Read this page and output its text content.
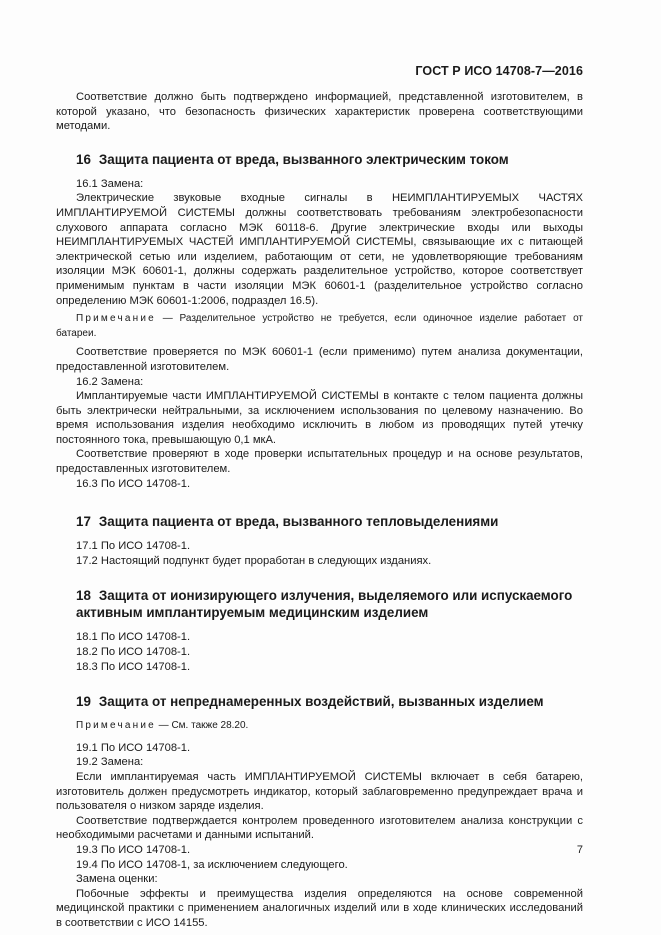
ГОСТ Р ИСО 14708-7—2016

Соответствие должно быть подтверждено информацией, представленной изготовителем, в которой указано, что безопасность физических характеристик проверена соответствующими методами.

16 Защита пациента от вреда, вызванного электрическим током

16.1 Замена:

Электрические звуковые входные сигналы в НЕИМПЛАНТИРУЕМЫХ ЧАСТЯХ ИМПЛАНТИРУЕМОЙ СИСТЕМЫ должны соответствовать требованиям электробезопасности слухового аппарата согласно МЭК 60118-6. Другие электрические входы или выходы НЕИМПЛАНТИРУЕМЫХ ЧАСТЕЙ ИМПЛАНТИРУЕМОЙ СИСТЕМЫ, связывающие их с питающей электрической сетью или изделием, работающим от сети, не удовлетворяющие требованиям изоляции МЭК 60601-1, должны содержать разделительное устройство, которое соответствует применимым пунктам в части изоляции МЭК 60601-1 (разделительное устройство согласно определению МЭК 60601-1:2006, подраздел 16.5).

Примечание — Разделительное устройство не требуется, если одиночное изделие работает от батареи.

Соответствие проверяется по МЭК 60601-1 (если применимо) путем анализа документации, предоставленной изготовителем.

16.2 Замена:

Имплантируемые части ИМПЛАНТИРУЕМОЙ СИСТЕМЫ в контакте с телом пациента должны быть электрически нейтральными, за исключением использования по целевому назначению. Во время использования изделия необходимо исключить в любом из проводящих путей утечку постоянного тока, превышающую 0,1 мкА.

Соответствие проверяют в ходе проверки испытательных процедур и на основе результатов, предоставленных изготовителем.

16.3 По ИСО 14708-1.

17 Защита пациента от вреда, вызванного тепловыделениями

17.1 По ИСО 14708-1.

17.2 Настоящий подпункт будет проработан в следующих изданиях.

18 Защита от ионизирующего излучения, выделяемого или испускаемого
активным имплантируемым медицинским изделием

18.1 По ИСО 14708-1.

18.2 По ИСО 14708-1.

18.3 По ИСО 14708-1.

19 Защита от непреднамеренных воздействий, вызванных изделием

Примечание — См. также 28.20.

19.1 По ИСО 14708-1.

19.2 Замена:

Если имплантируемая часть ИМПЛАНТИРУЕМОЙ СИСТЕМЫ включает в себя батарею, изготовитель должен предусмотреть индикатор, который заблаговременно предупреждает врача и пользователя о низком заряде изделия.

Соответствие подтверждается контролем проведенного изготовителем анализа конструкции с необходимыми расчетами и данными испытаний.

19.3 По ИСО 14708-1.

19.4 По ИСО 14708-1, за исключением следующего.

Замена оценки:

Побочные эффекты и преимущества изделия определяются на основе современной медицинской практики с применением аналогичных изделий или в ходе клинических исследований в соответствии с ИСО 14155.

7
